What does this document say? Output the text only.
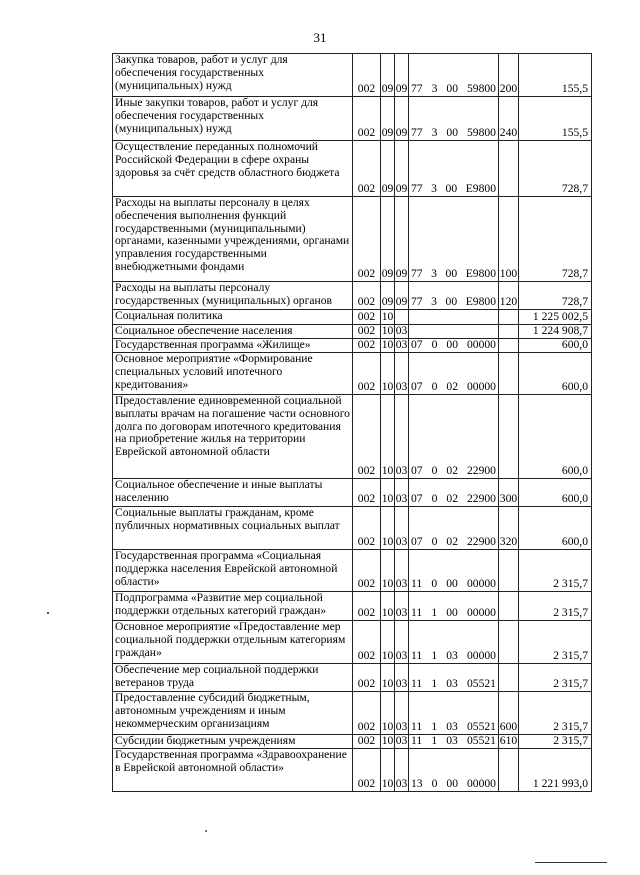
31
Закупка товаров, работ и услуг для обеспечения государственных (муниципальных) нужд	002	09	09	77 3 00 59800	200	155,5
Иные закупки товаров, работ и услуг для обеспечения государственных (муниципальных) нужд	002	09	09	77 3 00 59800	240	155,5
Осуществление переданных полномочий Российской Федерации в сфере охраны здоровья за счёт средств областного бюджета	002	09	09	77 3 00 Е9800		728,7
Расходы на выплаты персоналу в целях обеспечения выполнения функций государственными (муниципальными) органами, казенными учреждениями, органами управления государственными внебюджетными фондами	002	09	09	77 3 00 Е9800	100	728,7
Расходы на выплаты персоналу государственных (муниципальных) органов	002	09	09	77 3 00 Е9800	120	728,7
Социальная политика	002	10				1 225 002,5
Социальное обеспечение населения	002	10	03			1 224 908,7
Государственная программа «Жилище»	002	10	03	07 0 00 00000		600,0
Основное мероприятие «Формирование специальных условий ипотечного кредитования»	002	10	03	07 0 02 00000		600,0
Предоставление единовременной социальной выплаты врачам на погашение части основного долга по договорам ипотечного кредитования на приобретение жилья на территории Еврейской автономной области	002	10	03	07 0 02 22900		600,0
Социальное обеспечение и иные выплаты населению	002	10	03	07 0 02 22900	300	600,0
Социальные выплаты гражданам, кроме публичных нормативных социальных выплат	002	10	03	07 0 02 22900	320	600,0
Государственная программа «Социальная поддержка населения Еврейской автономной области»	002	10	03	11 0 00 00000		2 315,7
Подпрограмма «Развитие мер социальной поддержки отдельных категорий граждан»	002	10	03	11 1 00 00000		2 315,7
Основное мероприятие «Предоставление мер социальной поддержки отдельным категориям граждан»	002	10	03	11 1 03 00000		2 315,7
Обеспечение мер социальной поддержки ветеранов труда	002	10	03	11 1 03 05521		2 315,7
Предоставление субсидий бюджетным, автономным учреждениям и иным некоммерческим организациям	002	10	03	11 1 03 05521	600	2 315,7
Субсидии бюджетным учреждениям	002	10	03	11 1 03 05521	610	2 315,7
Государственная программа «Здравоохранение в Еврейской автономной области»	002	10	03	13 0 00 00000		1 221 993,0
